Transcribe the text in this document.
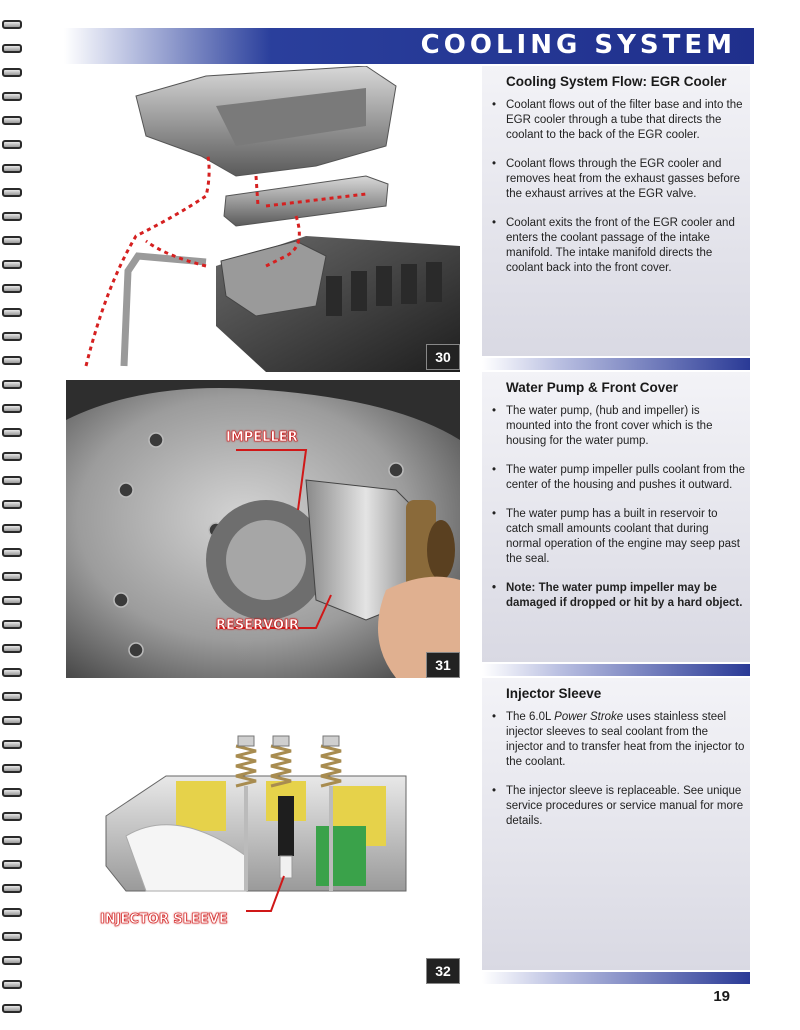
COOLING SYSTEM
30
IMPELLER
RESERVOIR
31
INJECTOR SLEEVE
32
Cooling System Flow: EGR Cooler
• Coolant flows out of the filter base and into the EGR cooler through a tube that directs the coolant to the back of the EGR cooler.
• Coolant flows through the EGR cooler and removes heat from the exhaust gasses before the exhaust arrives at the EGR valve.
• Coolant exits the front of the EGR cooler and enters the coolant passage of the intake manifold. The intake manifold directs the coolant back into the front cover.
Water Pump & Front Cover
• The water pump, (hub and impeller) is mounted into the front cover which is the housing for the water pump.
• The water pump impeller pulls coolant from the center of the housing and pushes it outward.
• The water pump has a built in reservoir to catch small amounts coolant that during normal operation of the engine may seep past the seal.
• Note: The water pump impeller may be damaged if dropped or hit by a hard object.
Injector Sleeve
• The 6.0L Power Stroke uses stainless steel injector sleeves to seal coolant from the injector and to transfer heat from the injector to the coolant.
• The injector sleeve is replaceable. See unique service procedures or service manual for more details.
19
